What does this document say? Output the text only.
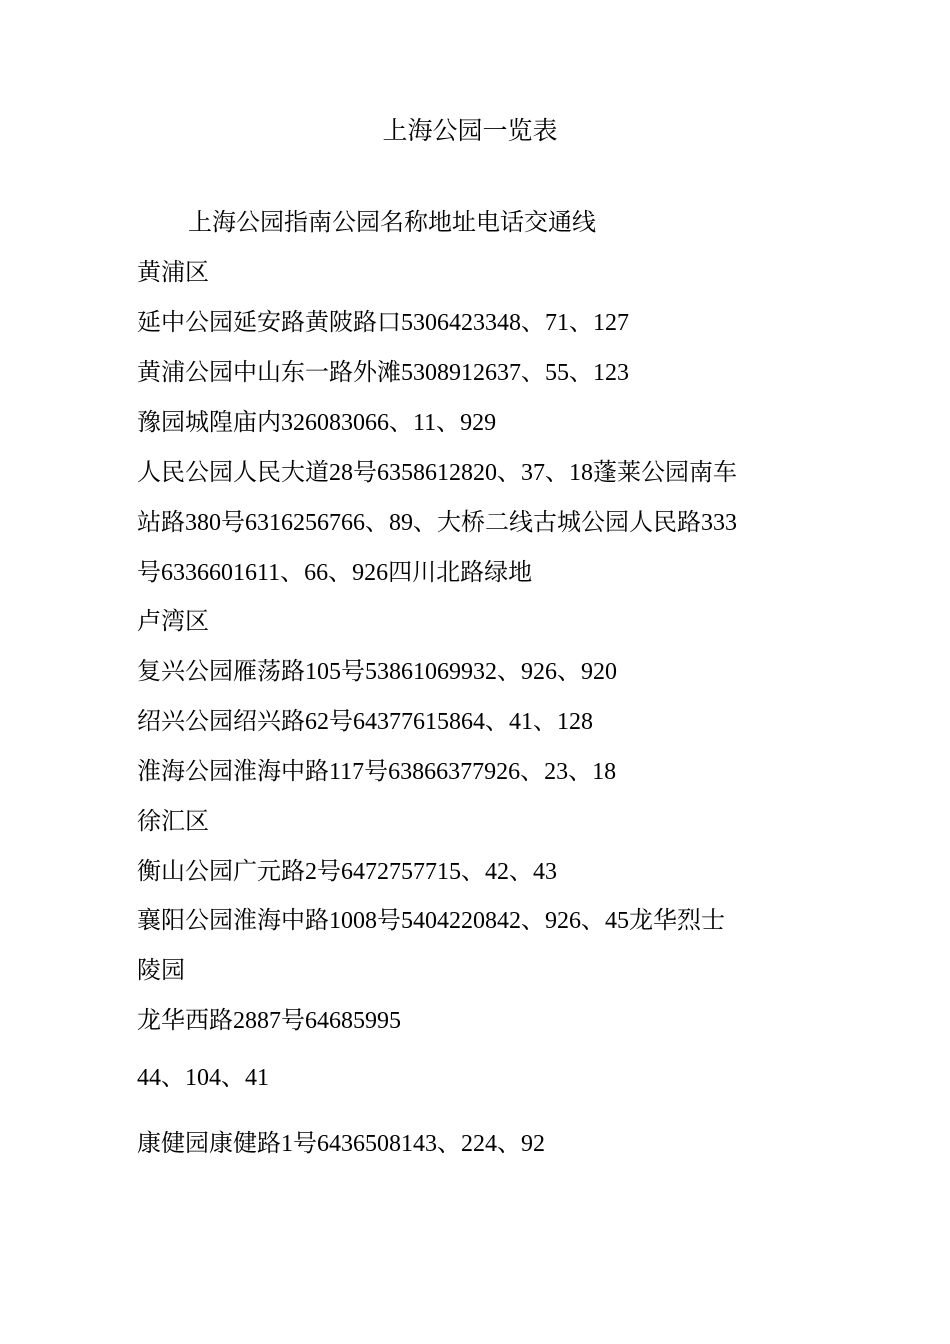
上海公园一览表
上海公园指南公园名称地址电话交通线
黄浦区
延中公园延安路黄陂路口5306423348、71、127
黄浦公园中山东一路外滩5308912637、55、123
豫园城隍庙内326083066、11、929
人民公园人民大道28号6358612820、37、18蓬莱公园南车
站路380号6316256766、89、大桥二线古城公园人民路333
号6336601611、66、926四川北路绿地
卢湾区
复兴公园雁荡路105号53861069932、926、920
绍兴公园绍兴路62号64377615864、41、128
淮海公园淮海中路117号63866377926、23、18
徐汇区
衡山公园广元路2号6472757715、42、43
襄阳公园淮海中路1008号5404220842、926、45龙华烈士
陵园
龙华西路2887号64685995
44、104、41
康健园康健路1号6436508143、224、92
